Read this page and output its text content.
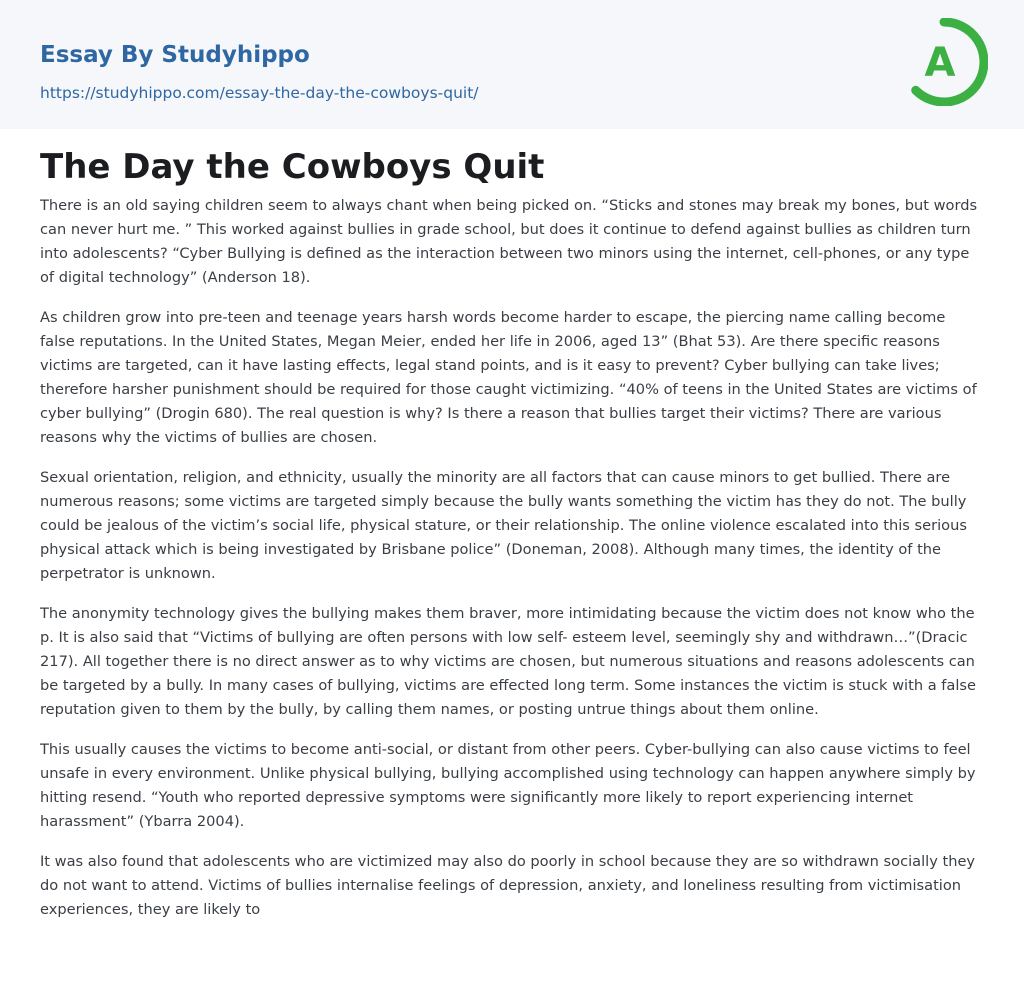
Essay By Studyhippo
https://studyhippo.com/essay-the-day-the-cowboys-quit/
A
The Day the Cowboys Quit

There is an old saying children seem to always chant when being picked on. “Sticks and stones may break my bones, but words can never hurt me. ” This worked against bullies in grade school, but does it continue to defend against bullies as children turn into adolescents? “Cyber Bullying is defined as the interaction between two minors using the internet, cell-phones, or any type of digital technology” (Anderson 18).

As children grow into pre-teen and teenage years harsh words become harder to escape, the piercing name calling become false reputations. In the United States, Megan Meier, ended her life in 2006, aged 13” (Bhat 53). Are there specific reasons victims are targeted, can it have lasting effects, legal stand points, and is it easy to prevent? Cyber bullying can take lives; therefore harsher punishment should be required for those caught victimizing. “40% of teens in the United States are victims of cyber bullying” (Drogin 680). The real question is why? Is there a reason that bullies target their victims? There are various reasons why the victims of bullies are chosen.

Sexual orientation, religion, and ethnicity, usually the minority are all factors that can cause minors to get bullied. There are numerous reasons; some victims are targeted simply because the bully wants something the victim has they do not. The bully could be jealous of the victim’s social life, physical stature, or their relationship. The online violence escalated into this serious physical attack which is being investigated by Brisbane police” (Doneman, 2008). Although many times, the identity of the perpetrator is unknown.

The anonymity technology gives the bullying makes them braver, more intimidating because the victim does not know who the p. It is also said that “Victims of bullying are often persons with low self- esteem level, seemingly shy and withdrawn…”(Dracic 217). All together there is no direct answer as to why victims are chosen, but numerous situations and reasons adolescents can be targeted by a bully. In many cases of bullying, victims are effected long term. Some instances the victim is stuck with a false reputation given to them by the bully, by calling them names, or posting untrue things about them online.

This usually causes the victims to become anti-social, or distant from other peers. Cyber-bullying can also cause victims to feel unsafe in every environment. Unlike physical bullying, bullying accomplished using technology can happen anywhere simply by hitting resend. “Youth who reported depressive symptoms were significantly more likely to report experiencing internet harassment” (Ybarra 2004).

It was also found that adolescents who are victimized may also do poorly in school because they are so withdrawn socially they do not want to attend. Victims of bullies internalise feelings of depression, anxiety, and loneliness resulting from victimisation experiences, they are likely to
